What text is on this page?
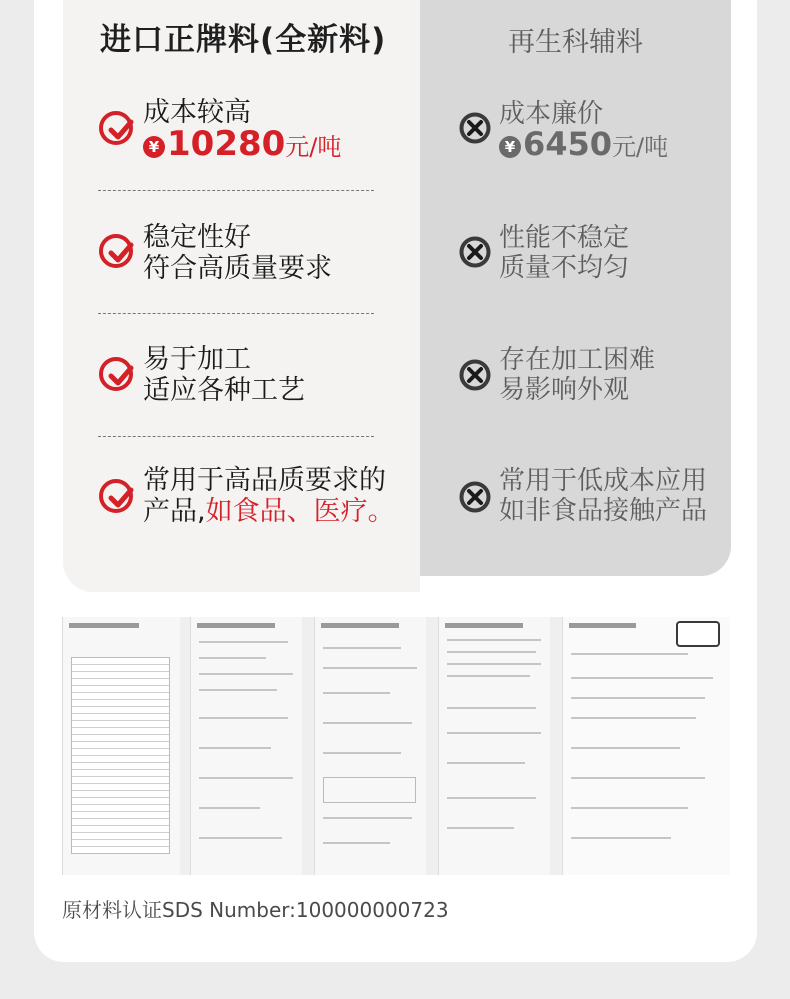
进口正牌料(全新料)	再生科辅料
成本较高
¥ 10280元/吨
成本廉价
¥ 6450元/吨
稳定性好
符合高质量要求
性能不稳定
质量不均匀
易于加工
适应各种工艺
存在加工困难
易影响外观
常用于高品质要求的
产品,如食品、医疗。
常用于低成本应用
如非食品接触产品
原材料认证SDS Number:100000000723
